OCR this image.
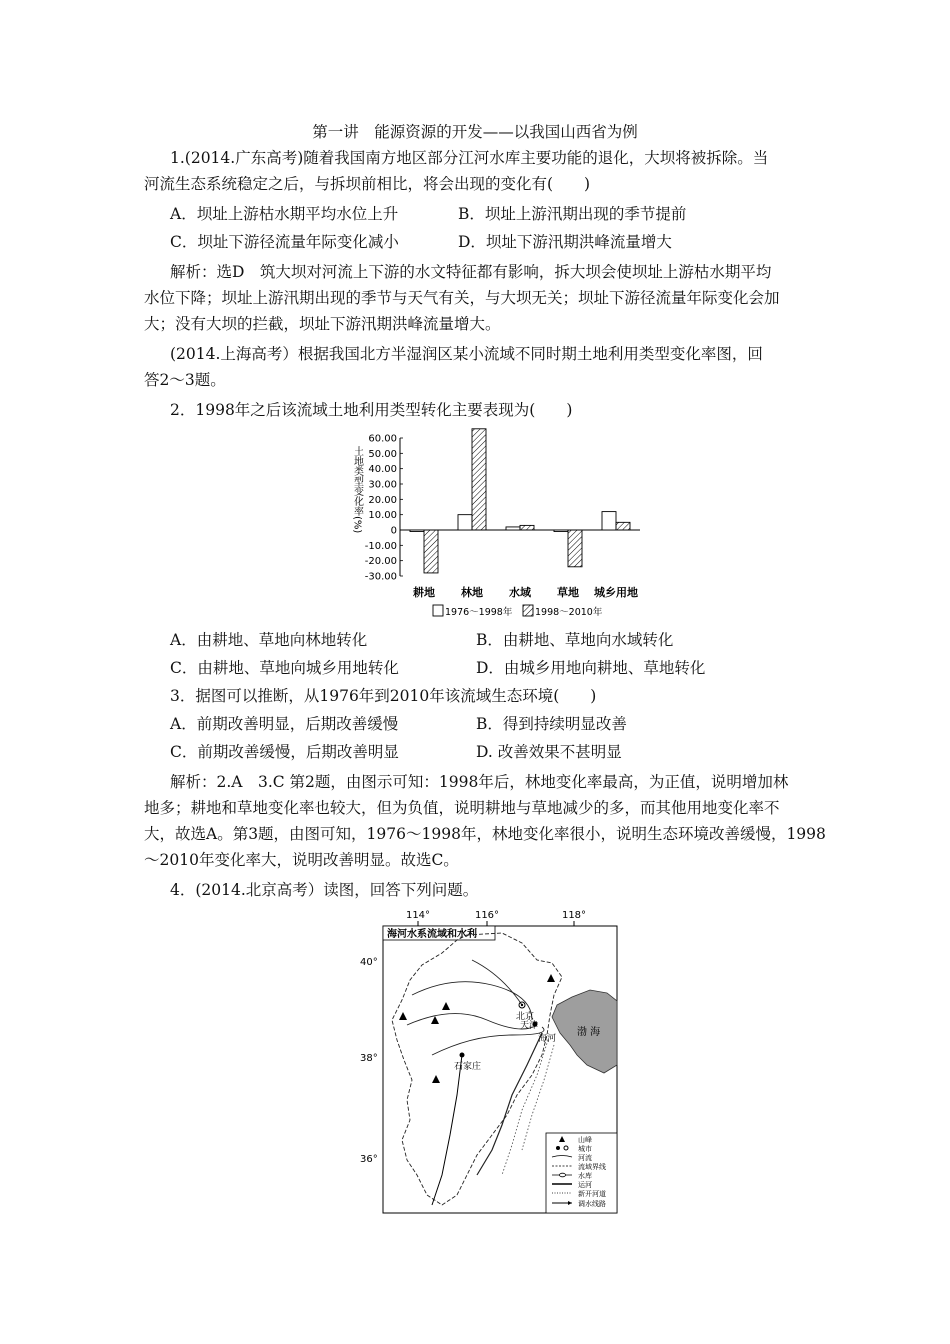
第一讲　能源资源的开发——以我国山西省为例
1.(2014.广东高考)随着我国南方地区部分江河水库主要功能的退化，大坝将被拆除。当
河流生态系统稳定之后，与拆坝前相比，将会出现的变化有(　　)
A．坝址上游枯水期平均水位上升	B．坝址上游汛期出现的季节提前
C．坝址下游径流量年际变化减小	D．坝址下游汛期洪峰流量增大
解析：选D　筑大坝对河流上下游的水文特征都有影响，拆大坝会使坝址上游枯水期平均
水位下降；坝址上游汛期出现的季节与天气有关，与大坝无关；坝址下游径流量年际变化会加
大；没有大坝的拦截，坝址下游汛期洪峰流量增大。
(2014.上海高考）根据我国北方半湿润区某小流域不同时期土地利用类型变化率图，回
答2～3题。
2．1998年之后该流域土地利用类型转化主要表现为(　　)
60.00
50.00
40.00
30.00
20.00
10.00
0
-10.00
-20.00
-30.00
土地类型变化率(%)
耕地 林地 水域 草地 城乡用地
1976～1998年 1998～2010年
A．由耕地、草地向林地转化	B．由耕地、草地向水域转化
C．由耕地、草地向城乡用地转化	D．由城乡用地向耕地、草地转化
3．据图可以推断，从1976年到2010年该流域生态环境(　　)
A．前期改善明显，后期改善缓慢	B．得到持续明显改善
C．前期改善缓慢，后期改善明显	D. 改善效果不甚明显
解析：2.A　3.C 第2题，由图示可知：1998年后，林地变化率最高，为正值，说明增加林
地多；耕地和草地变化率也较大，但为负值，说明耕地与草地减少的多，而其他用地变化率不
大，故选A。第3题，由图可知，1976～1998年，林地变化率很小，说明生态环境改善缓慢，1998
～2010年变化率大，说明改善明显。故选C。
4．(2014.北京高考）读图，回答下列问题。
114°	116°	118°
海河水系流域和水利
40°
38°
36°
渤 海
北京
天津
海河
石家庄
山峰
城市
河流
流域界线
水库
运河
新开河道
调水线路
